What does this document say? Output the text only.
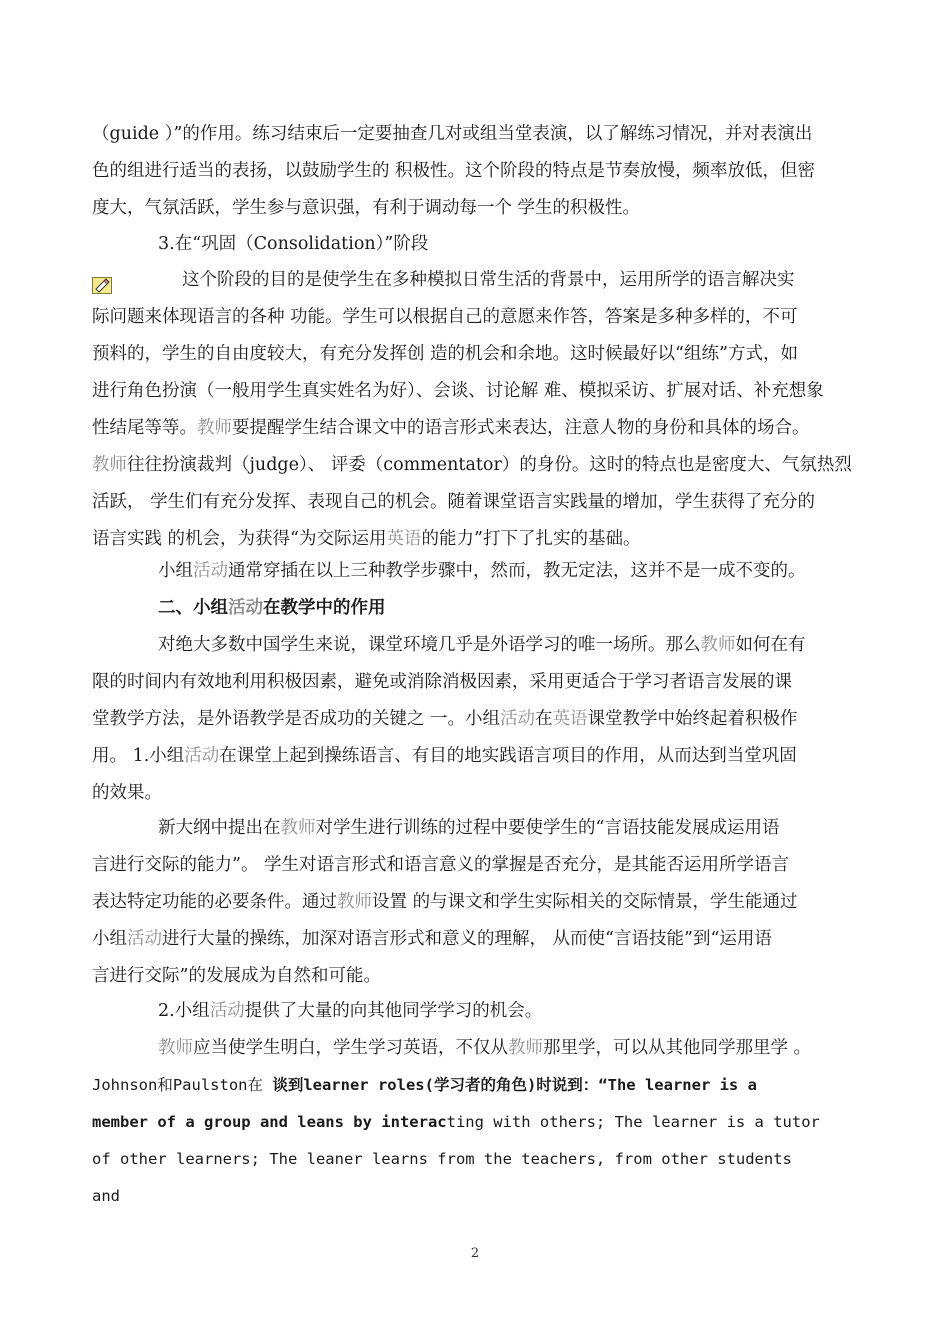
（guide ）”的作用。练习结束后一定要抽查几对或组当堂表演，以了解练习情况，并对表演出
色的组进行适当的表扬，以鼓励学生的 积极性。这个阶段的特点是节奏放慢，频率放低，但密
度大，气氛活跃，学生参与意识强，有利于调动每一个 学生的积极性。
3.在“巩固（Consolidation）”阶段
这个阶段的目的是使学生在多种模拟日常生活的背景中，运用所学的语言解决实
际问题来体现语言的各种 功能。学生可以根据自己的意愿来作答，答案是多种多样的，不可
预料的，学生的自由度较大，有充分发挥创 造的机会和余地。这时候最好以“组练”方式，如
进行角色扮演（一般用学生真实姓名为好）、会谈、讨论解 难、模拟采访、扩展对话、补充想象
性结尾等等。教师要提醒学生结合课文中的语言形式来表达，注意人物的身份和具体的场合。
教师往往扮演裁判（judge）、 评委（commentator）的身份。这时的特点也是密度大、气氛热烈
活跃， 学生们有充分发挥、表现自己的机会。随着课堂语言实践量的增加，学生获得了充分的
语言实践 的机会，为获得“为交际运用英语的能力”打下了扎实的基础。
小组活动通常穿插在以上三种教学步骤中，然而，教无定法，这并不是一成不变的。
二、小组活动在教学中的作用
对绝大多数中国学生来说，课堂环境几乎是外语学习的唯一场所。那么教师如何在有
限的时间内有效地利用积极因素，避免或消除消极因素，采用更适合于学习者语言发展的课
堂教学方法，是外语教学是否成功的关键之 一。小组活动在英语课堂教学中始终起着积极作
用。 1.小组活动在课堂上起到操练语言、有目的地实践语言项目的作用，从而达到当堂巩固
的效果。
新大纲中提出在教师对学生进行训练的过程中要使学生的“言语技能发展成运用语
言进行交际的能力”。 学生对语言形式和语言意义的掌握是否充分，是其能否运用所学语言
表达特定功能的必要条件。通过教师设置 的与课文和学生实际相关的交际情景，学生能通过
小组活动进行大量的操练，加深对语言形式和意义的理解， 从而使“言语技能”到“运用语
言进行交际”的发展成为自然和可能。
2.小组活动提供了大量的向其他同学学习的机会。
教师应当使学生明白，学生学习英语，不仅从教师那里学，可以从其他同学那里学 。
Johnson和Paulston在 谈到learner roles(学习者的角色)时说到：“The learner is a
member of a group and leans by interacting with others; The learner is a tutor
of other learners; The leaner learns from the teachers, from other students
and
2
